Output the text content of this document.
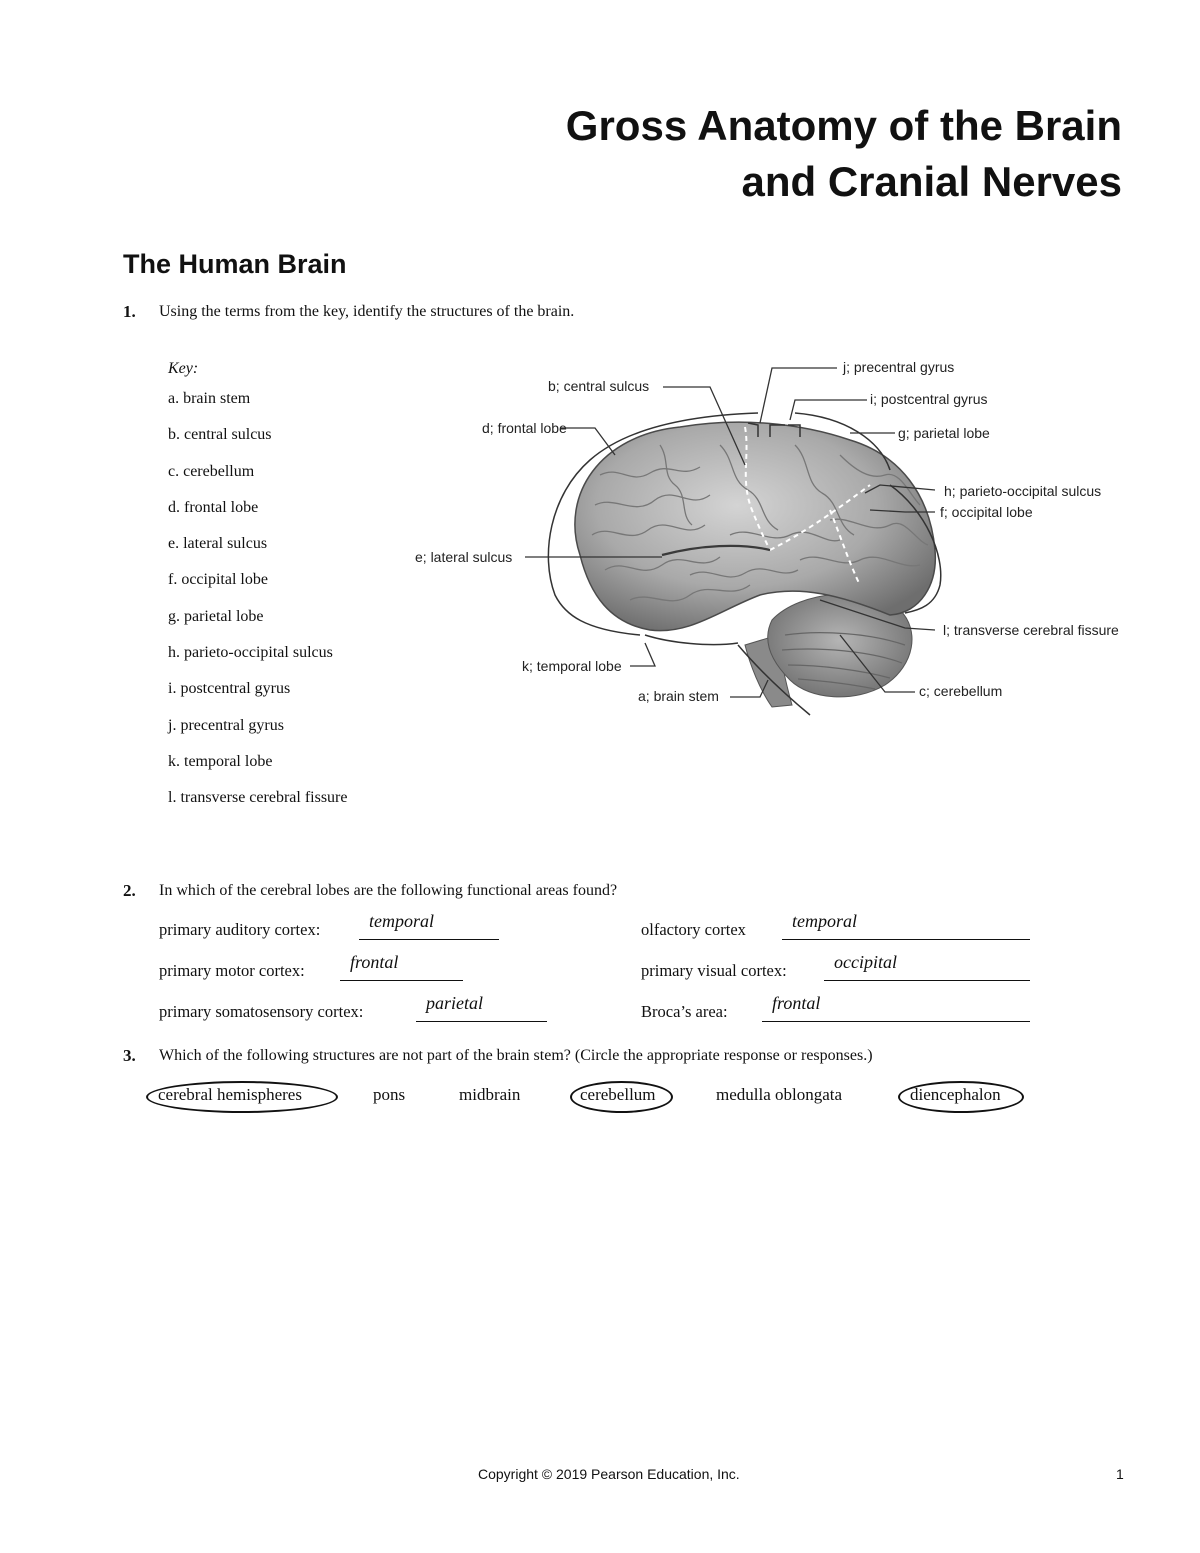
Gross Anatomy of the Brain
and Cranial Nerves
The Human Brain
1. Using the terms from the key, identify the structures of the brain.
Key:
a. brain stem
b. central sulcus
c. cerebellum
d. frontal lobe
e. lateral sulcus
f. occipital lobe
g. parietal lobe
h. parieto-occipital sulcus
i. postcentral gyrus
j. precentral gyrus
k. temporal lobe
l. transverse cerebral fissure
j; precentral gyrus
b; central sulcus
i; postcentral gyrus
d; frontal lobe	g; parietal lobe
h; parieto-occipital sulcus
f; occipital lobe
e; lateral sulcus
l; transverse cerebral fissure
k; temporal lobe
c; cerebellum
a; brain stem
2. In which of the cerebral lobes are the following functional areas found?
primary auditory cortex:	temporal	olfactory cortex	temporal
primary motor cortex:	frontal	primary visual cortex:	occipital
primary somatosensory cortex:	parietal	Broca’s area: frontal
3. Which of the following structures are not part of the brain stem? (Circle the appropriate response or responses.)
cerebral hemispheres	pons	midbrain	cerebellum	medulla oblongata	diencephalon
Copyright © 2019 Pearson Education, Inc.	1
